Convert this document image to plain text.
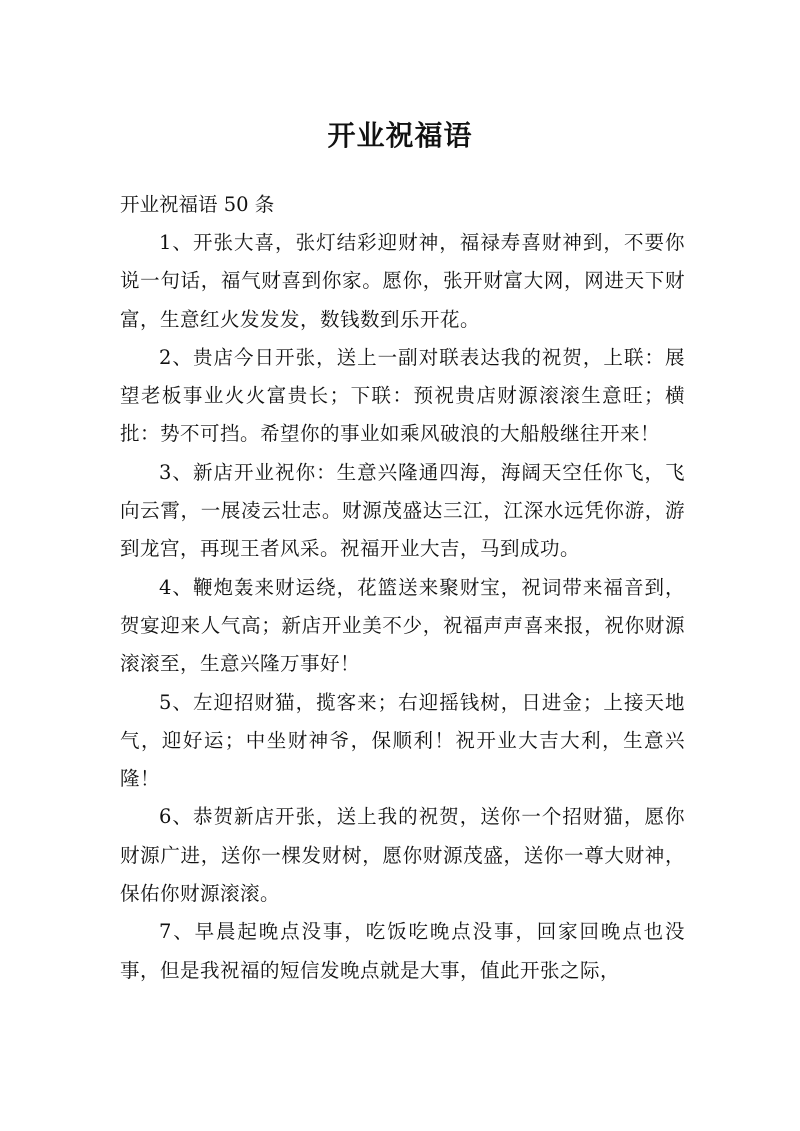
开业祝福语
开业祝福语 50 条

1、开张大喜，张灯结彩迎财神，福禄寿喜财神到，不要你说一句话，福气财喜到你家。愿你，张开财富大网，网进天下财富，生意红火发发发，数钱数到乐开花。

2、贵店今日开张，送上一副对联表达我的祝贺，上联：展望老板事业火火富贵长；下联：预祝贵店财源滚滚生意旺；横批：势不可挡。希望你的事业如乘风破浪的大船般继往开来！

3、新店开业祝你：生意兴隆通四海，海阔天空任你飞，飞向云霄，一展凌云壮志。财源茂盛达三江，江深水远凭你游，游到龙宫，再现王者风采。祝福开业大吉，马到成功。

4、鞭炮轰来财运绕，花篮送来聚财宝，祝词带来福音到，贺宴迎来人气高；新店开业美不少，祝福声声喜来报，祝你财源滚滚至，生意兴隆万事好！

5、左迎招财猫，揽客来；右迎摇钱树，日进金；上接天地气，迎好运；中坐财神爷，保顺利！祝开业大吉大利，生意兴隆！

6、恭贺新店开张，送上我的祝贺，送你一个招财猫，愿你财源广进，送你一棵发财树，愿你财源茂盛，送你一尊大财神，保佑你财源滚滚。

7、早晨起晚点没事，吃饭吃晚点没事，回家回晚点也没事，但是我祝福的短信发晚点就是大事，值此开张之际，
